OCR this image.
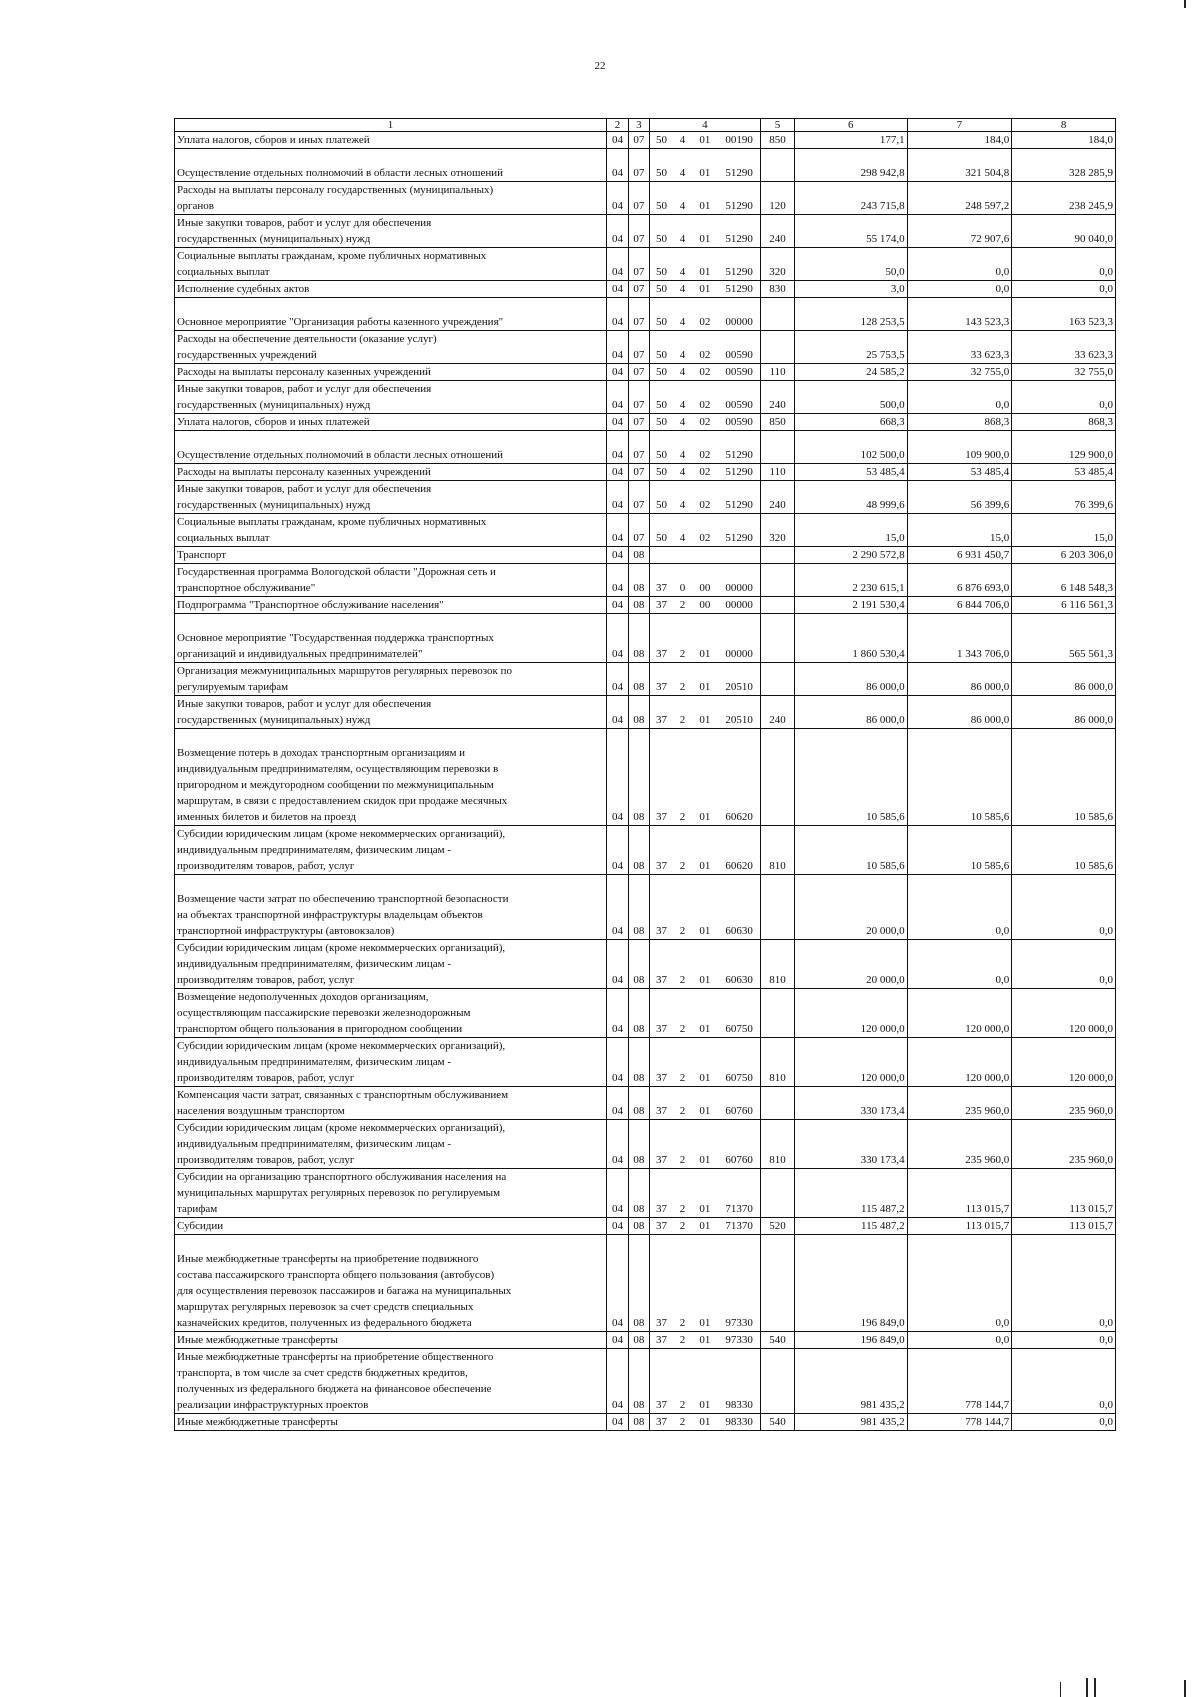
22
1	2	3	4				5	6	7	8
Уплата налогов, сборов и иных платежей	04	07	50	4	01	00190	850	177,1	184,0	184,0

Осуществление отдельных полномочий в области лесных отношений	04	07	50	4	01	51290		298 942,8	321 504,8	328 285,9
Расходы на выплаты персоналу государственных (муниципальных)
органов	04	07	50	4	01	51290	120	243 715,8	248 597,2	238 245,9
Иные закупки товаров, работ и услуг для обеспечения
государственных (муниципальных) нужд	04	07	50	4	01	51290	240	55 174,0	72 907,6	90 040,0
Социальные выплаты гражданам, кроме публичных нормативных
социальных выплат	04	07	50	4	01	51290	320	50,0	0,0	0,0
Исполнение судебных актов	04	07	50	4	01	51290	830	3,0	0,0	0,0

Основное мероприятие "Организация работы казенного учреждения"	04	07	50	4	02	00000		128 253,5	143 523,3	163 523,3
Расходы на обеспечение деятельности (оказание услуг)
государственных учреждений	04	07	50	4	02	00590		25 753,5	33 623,3	33 623,3
Расходы на выплаты персоналу казенных учреждений	04	07	50	4	02	00590	110	24 585,2	32 755,0	32 755,0
Иные закупки товаров, работ и услуг для обеспечения
государственных (муниципальных) нужд	04	07	50	4	02	00590	240	500,0	0,0	0,0
Уплата налогов, сборов и иных платежей	04	07	50	4	02	00590	850	668,3	868,3	868,3

Осуществление отдельных полномочий в области лесных отношений	04	07	50	4	02	51290		102 500,0	109 900,0	129 900,0
Расходы на выплаты персоналу казенных учреждений	04	07	50	4	02	51290	110	53 485,4	53 485,4	53 485,4
Иные закупки товаров, работ и услуг для обеспечения
государственных (муниципальных) нужд	04	07	50	4	02	51290	240	48 999,6	56 399,6	76 399,6
Социальные выплаты гражданам, кроме публичных нормативных
социальных выплат	04	07	50	4	02	51290	320	15,0	15,0	15,0
Транспорт	04	08						2 290 572,8	6 931 450,7	6 203 306,0
Государственная программа Вологодской области "Дорожная сеть и
транспортное обслуживание"	04	08	37	0	00	00000		2 230 615,1	6 876 693,0	6 148 548,3
Подпрограмма "Транспортное обслуживание населения"	04	08	37	2	00	00000		2 191 530,4	6 844 706,0	6 116 561,3

Основное мероприятие "Государственная поддержка транспортных
организаций и индивидуальных предпринимателей"	04	08	37	2	01	00000		1 860 530,4	1 343 706,0	565 561,3
Организация межмуниципальных маршрутов регулярных перевозок по
регулируемым тарифам	04	08	37	2	01	20510		86 000,0	86 000,0	86 000,0
Иные закупки товаров, работ и услуг для обеспечения
государственных (муниципальных) нужд	04	08	37	2	01	20510	240	86 000,0	86 000,0	86 000,0

Возмещение потерь в доходах транспортным организациям и
индивидуальным предпринимателям, осуществляющим перевозки в
пригородном и междугородном сообщении по межмуниципальным
маршрутам, в связи с предоставлением скидок при продаже месячных
именных билетов и билетов на проезд	04	08	37	2	01	60620		10 585,6	10 585,6	10 585,6
Субсидии юридическим лицам (кроме некоммерческих организаций),
индивидуальным предпринимателям, физическим лицам -
производителям товаров, работ, услуг	04	08	37	2	01	60620	810	10 585,6	10 585,6	10 585,6

Возмещение части затрат по обеспечению транспортной безопасности
на объектах транспортной инфраструктуры владельцам объектов
транспортной инфраструктуры (автовокзалов)	04	08	37	2	01	60630		20 000,0	0,0	0,0
Субсидии юридическим лицам (кроме некоммерческих организаций),
индивидуальным предпринимателям, физическим лицам -
производителям товаров, работ, услуг	04	08	37	2	01	60630	810	20 000,0	0,0	0,0
Возмещение недополученных доходов организациям,
осуществляющим пассажирские перевозки железнодорожным
транспортом общего пользования в пригородном сообщении	04	08	37	2	01	60750		120 000,0	120 000,0	120 000,0
Субсидии юридическим лицам (кроме некоммерческих организаций),
индивидуальным предпринимателям, физическим лицам -
производителям товаров, работ, услуг	04	08	37	2	01	60750	810	120 000,0	120 000,0	120 000,0
Компенсация части затрат, связанных с транспортным обслуживанием
населения воздушным транспортом	04	08	37	2	01	60760		330 173,4	235 960,0	235 960,0
Субсидии юридическим лицам (кроме некоммерческих организаций),
индивидуальным предпринимателям, физическим лицам -
производителям товаров, работ, услуг	04	08	37	2	01	60760	810	330 173,4	235 960,0	235 960,0
Субсидии на организацию транспортного обслуживания населения на
муниципальных маршрутах регулярных перевозок по регулируемым
тарифам	04	08	37	2	01	71370		115 487,2	113 015,7	113 015,7
Субсидии	04	08	37	2	01	71370	520	115 487,2	113 015,7	113 015,7

Иные межбюджетные трансферты на приобретение подвижного
состава пассажирского транспорта общего пользования (автобусов)
для осуществления перевозок пассажиров и багажа на муниципальных
маршрутах регулярных перевозок за счет средств специальных
казначейских кредитов, полученных из федерального бюджета	04	08	37	2	01	97330		196 849,0	0,0	0,0
Иные межбюджетные трансферты	04	08	37	2	01	97330	540	196 849,0	0,0	0,0
Иные межбюджетные трансферты на приобретение общественного
транспорта, в том числе за счет средств бюджетных кредитов,
полученных из федерального бюджета на финансовое обеспечение
реализации инфраструктурных проектов	04	08	37	2	01	98330		981 435,2	778 144,7	0,0
Иные межбюджетные трансферты	04	08	37	2	01	98330	540	981 435,2	778 144,7	0,0
